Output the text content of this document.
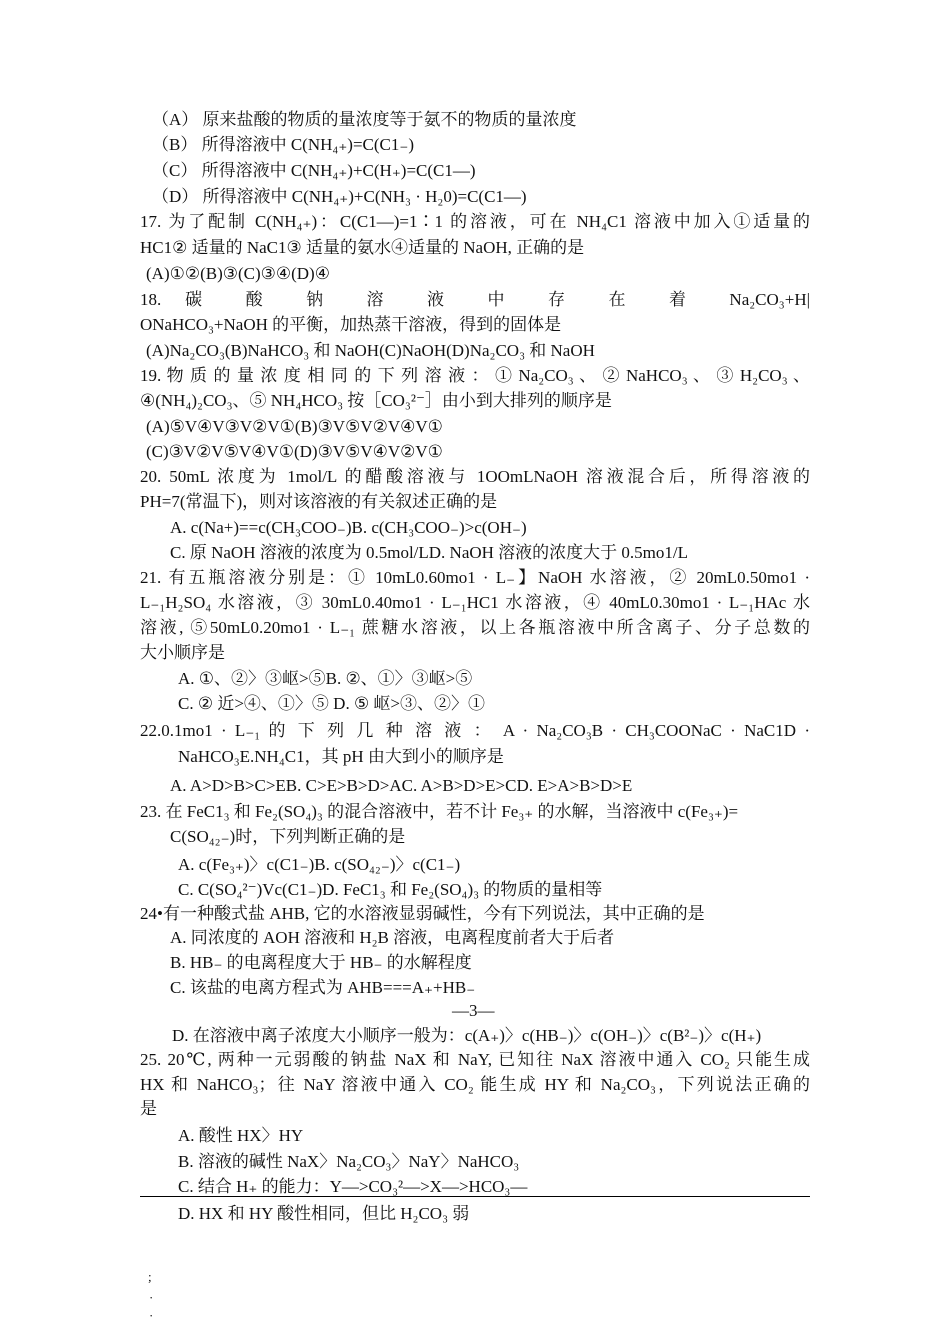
（A） 原来盐酸的物质的量浓度等于氨不的物质的量浓度
（B） 所得溶液中 C(NH₄₊)=C(C1₋)
（C） 所得溶液中 C(NH₄₊)+C(H₊)=C(C1—)
（D） 所得溶液中 C(NH₄₊)+C(NH₃ · H₂0)=C(C1—)
17. 为了配制 C(NH₄₊)：C(C1—)=1∶1 的溶液，可在 NH₄C1 溶液中加入①适量的
HC1② 适量的 NaC1③ 适量的氨水④适量的 NaOH, 正确的是
(A)①②(B)③(C)③④(D)④
18. 碳 酸 钠 溶 液 中 存 在 着 Na₂CO₃+H|
ONaHCO₃+NaOH 的平衡，加热蒸干溶液，得到的固体是
(A)Na₂CO₃(B)NaHCO₃ 和 NaOH(C)NaOH(D)Na₂CO₃ 和 NaOH
19. 物 质 的 量 浓 度 相 同 的 下 列 溶 液 ： ① Na₂CO₃ 、 ② NaHCO₃ 、 ③ H₂CO₃ 、
④(NH₄)₂CO₃、⑤ NH₄HCO₃ 按［CO₃²⁻］由小到大排列的顺序是
(A)⑤V④V③V②V①(B)③V⑤V②V④V①
(C)③V②V⑤V④V①(D)③V⑤V④V②V①
20. 50mL 浓度为 1mol/L 的醋酸溶液与 1OOmLNaOH 溶液混合后，所得溶液的
PH=7(常温下)，则对该溶液的有关叙述正确的是
A. c(Na+)==c(CH₃COO₋)B. c(CH₃COO₋)>c(OH₋)
C. 原 NaOH 溶液的浓度为 0.5mol/LD. NaOH 溶液的浓度大于 0.5mo1/L
21. 有五瓶溶液分别是：① 10mL0.60mo1 · L₋】NaOH 水溶液，② 20mL0.50mo1 ·
L₋₁H₂SO₄ 水溶液，③ 30mL0.40mo1 · L₋₁HC1 水溶液，④ 40mL0.30mo1 · L₋₁HAc 水
溶液, ⑤50mL0.20mo1 · L₋₁ 蔗糖水溶液，以上各瓶溶液中所含离子、分子总数的
大小顺序是
A. ①、②〉③岖>⑤B. ②、①〉③岖>⑤
C. ② 近>④、①〉⑤ D. ⑤ 岖>③、②〉①
22.0.1mo1 · L₋₁ 的 下 列 几 种 溶 液 ： A · Na₂CO₃B · CH₃COONaC · NaC1D ·
NaHCO₃E.NH₄C1，其 pH 由大到小的顺序是
A. A>D>B>C>EB. C>E>B>D>AC. A>B>D>E>CD. E>A>B>D>E
23. 在 FeC1₃ 和 Fe₂(SO₄)₃ 的混合溶液中，若不计 Fe₃₊ 的水解，当溶液中 c(Fe₃₊)=
C(SO₄₂₋)时，下列判断正确的是
A. c(Fe₃₊)〉c(C1₋)B. c(SO₄₂₋)〉c(C1₋)
C. C(SO₄²⁻)Vc(C1₋)D. FeC1₃ 和 Fe₂(SO₄)₃ 的物质的量相等
24•有一种酸式盐 AHB, 它的水溶液显弱碱性，今有下列说法，其中正确的是
A. 同浓度的 AOH 溶液和 H₂B 溶液，电离程度前者大于后者
B. HB₋ 的电离程度大于 HB₋ 的水解程度
C. 该盐的电离方程式为 AHB===A₊+HB₋
—3—
D. 在溶液中离子浓度大小顺序一般为：c(A₊)〉c(HB₋)〉c(OH₋)〉c(B²₋)〉c(H₊)
25. 20℃, 两种一元弱酸的钠盐 NaX 和 NaY, 已知往 NaX 溶液中通入 CO₂ 只能生成
HX 和 NaHCO₃；往 NaY 溶液中通入 CO₂ 能生成 HY 和 Na₂CO₃，下列说法正确的
是
A. 酸性 HX〉HY
B. 溶液的碱性 NaX〉Na₂CO₃〉NaY〉NaHCO₃
C. 结合 H₊ 的能力：Y—>CO₃²—>X—>HCO₃—
D. HX 和 HY 酸性相同，但比 H₂CO₃ 弱
;
·
·
